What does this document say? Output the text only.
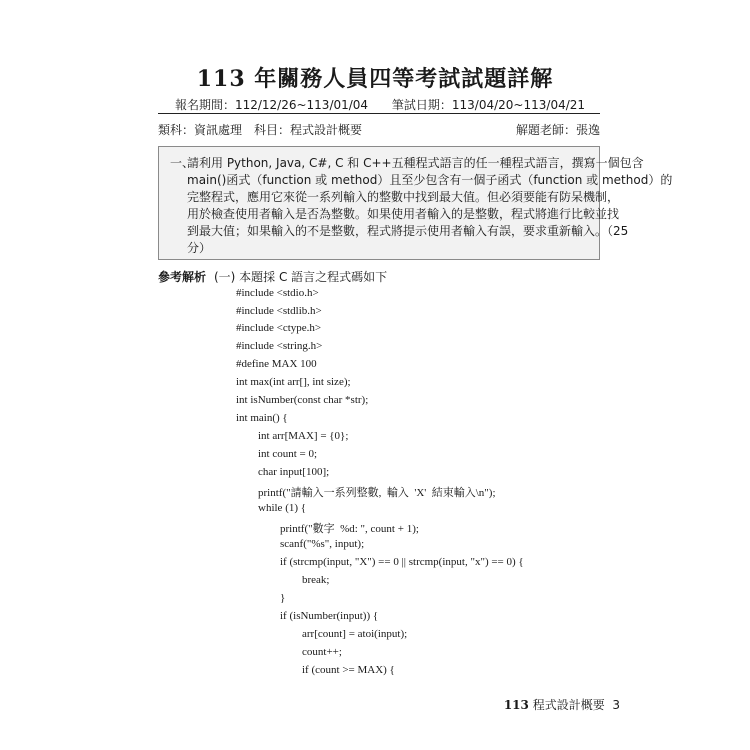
113 年關務人員四等考試試題詳解
報名期間：112/12/26~113/01/04 筆試日期：113/04/20~113/04/21
類科：資訊處理　科目：程式設計概要	解題老師：張逸
一、
請利用 Python, Java, C#, C 和 C++五種程式語言的任一種程式語言，撰寫一個包含
main()函式（function 或 method）且至少包含有一個子函式（function 或 method）的
完整程式，應用它來從一系列輸入的整數中找到最大值。但必須要能有防呆機制，
用於檢查使用者輸入是否為整數。如果使用者輸入的是整數，程式將進行比較並找
到最大值；如果輸入的不是整數，程式將提示使用者輸入有誤，要求重新輸入。（25
分）
參考解析 (一) 本題採 C 語言之程式碼如下
#include <stdio.h>
#include <stdlib.h>
#include <ctype.h>
#include <string.h>
#define MAX 100
int max(int arr[], int size);
int isNumber(const char *str);
int main() {
int arr[MAX] = {0};
int count = 0;
char input[100];
printf("請輸入一系列整數,  輸入  'X'  結束輸入\n");
while (1) {
printf("數字  %d: ", count + 1);
scanf("%s", input);
if (strcmp(input, "X") == 0 || strcmp(input, "x") == 0) {
break;
}
if (isNumber(input)) {
arr[count] = atoi(input);
count++;
if (count >= MAX) {
113 程式設計概要 3
